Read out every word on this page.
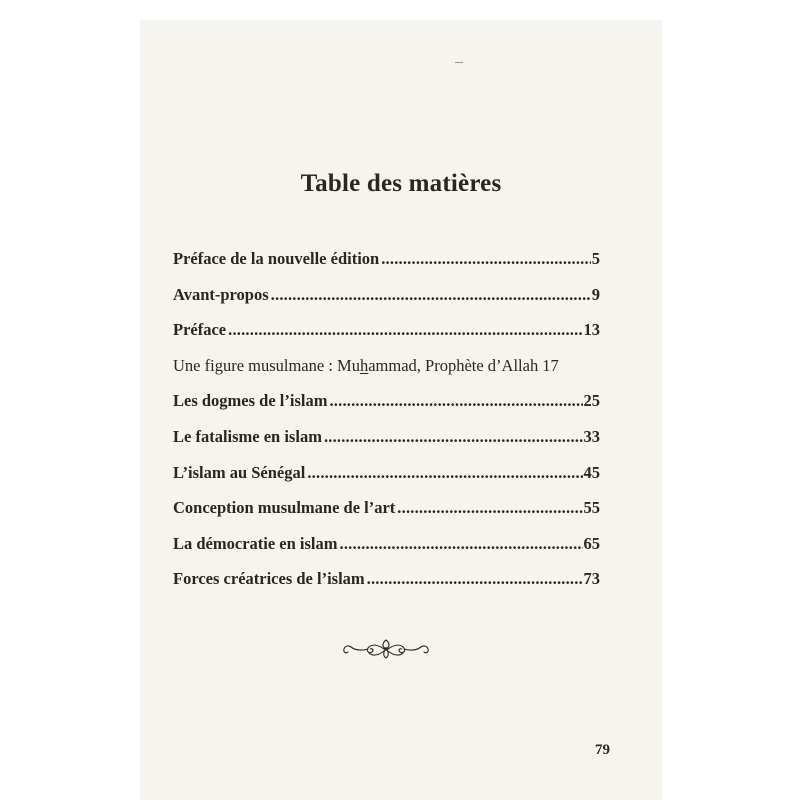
Table des matières
Préface de la nouvelle édition .....	5
Avant-propos .....	9
Préface .....	13
Une figure musulmane : Muhammad, Prophète d’Allah 17
Les dogmes de l’islam .....	25
Le fatalisme en islam .....	33
L’islam au Sénégal .....	45
Conception musulmane de l’art .....	55
La démocratie en islam .....	65
Forces créatrices de l’islam .....	73
79
